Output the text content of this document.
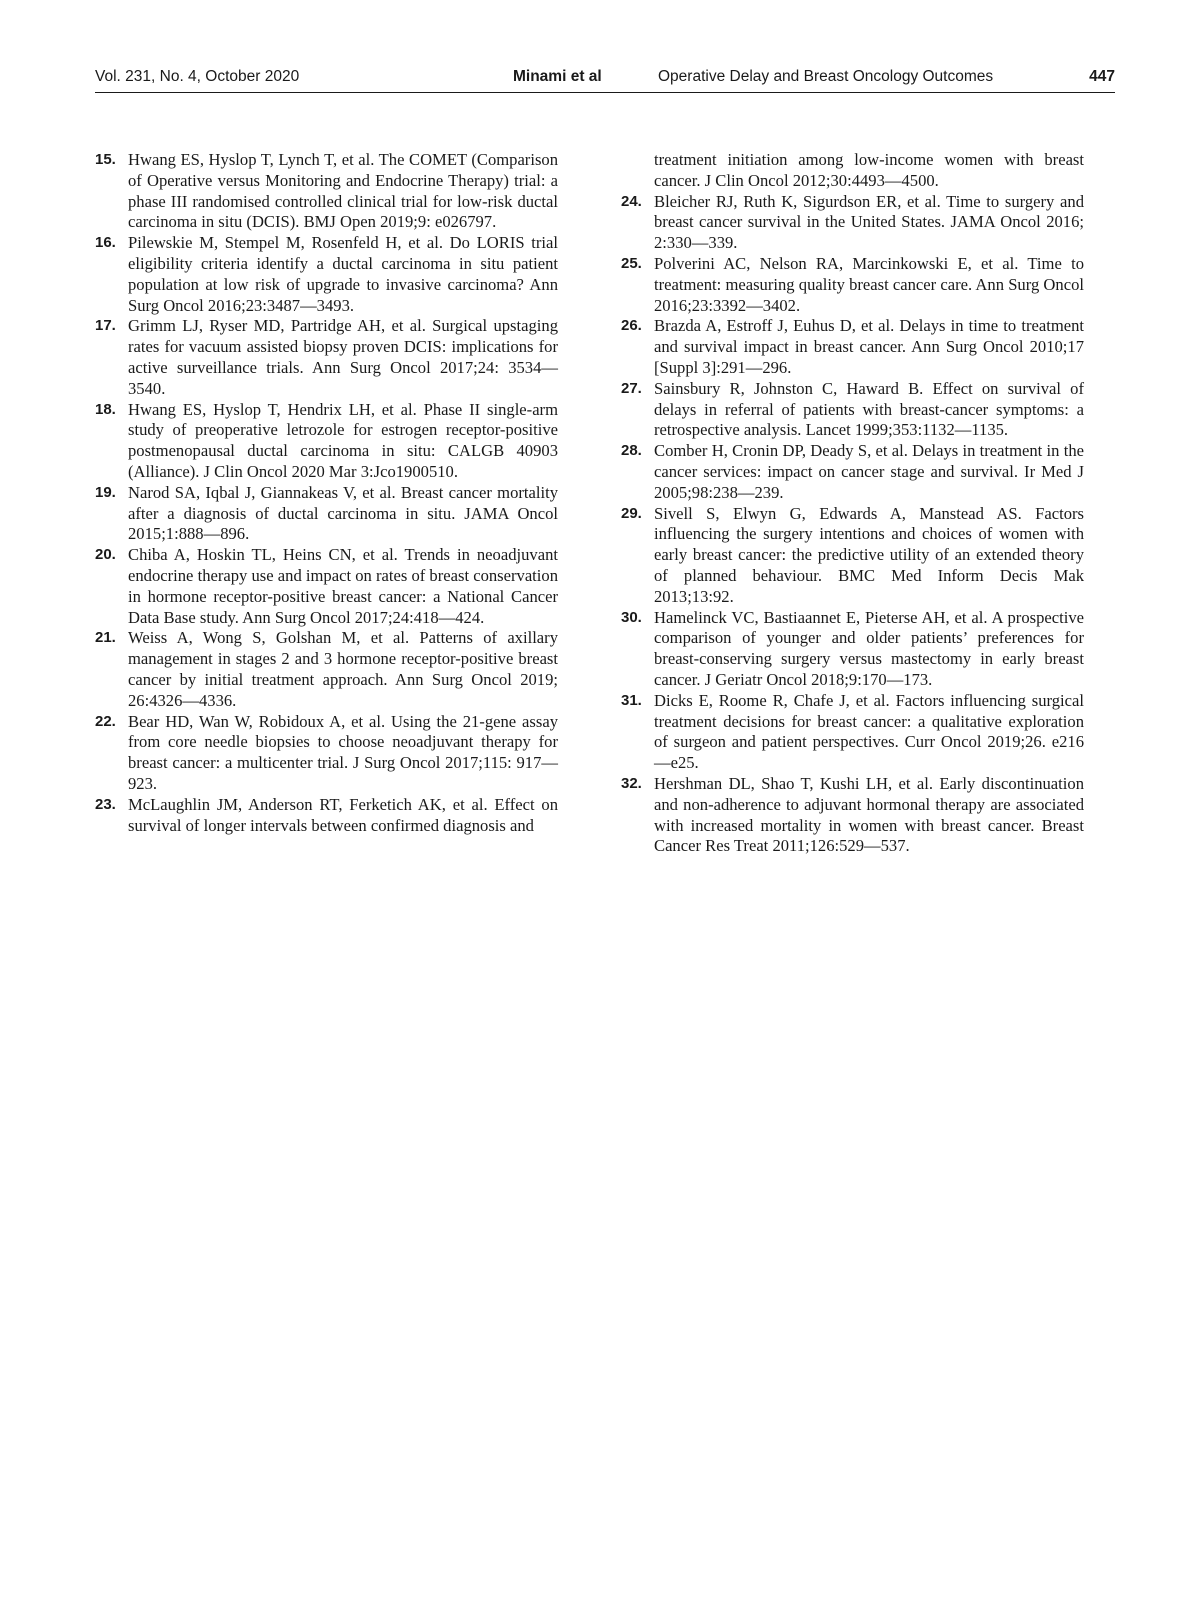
Vol. 231, No. 4, October 2020	Minami et al	Operative Delay and Breast Oncology Outcomes	447
15. Hwang ES, Hyslop T, Lynch T, et al. The COMET (Comparison of Operative versus Monitoring and Endocrine Therapy) trial: a phase III randomised controlled clinical trial for low-risk ductal carcinoma in situ (DCIS). BMJ Open 2019;9: e026797.
16. Pilewskie M, Stempel M, Rosenfeld H, et al. Do LORIS trial eligibility criteria identify a ductal carcinoma in situ patient population at low risk of upgrade to invasive carcinoma? Ann Surg Oncol 2016;23:3487—3493.
17. Grimm LJ, Ryser MD, Partridge AH, et al. Surgical upstaging rates for vacuum assisted biopsy proven DCIS: implications for active surveillance trials. Ann Surg Oncol 2017;24: 3534—3540.
18. Hwang ES, Hyslop T, Hendrix LH, et al. Phase II single-arm study of preoperative letrozole for estrogen receptor-positive postmenopausal ductal carcinoma in situ: CALGB 40903 (Alliance). J Clin Oncol 2020 Mar 3:Jco1900510.
19. Narod SA, Iqbal J, Giannakeas V, et al. Breast cancer mortality after a diagnosis of ductal carcinoma in situ. JAMA Oncol 2015;1:888—896.
20. Chiba A, Hoskin TL, Heins CN, et al. Trends in neoadjuvant endocrine therapy use and impact on rates of breast conservation in hormone receptor-positive breast cancer: a National Cancer Data Base study. Ann Surg Oncol 2017;24:418—424.
21. Weiss A, Wong S, Golshan M, et al. Patterns of axillary management in stages 2 and 3 hormone receptor-positive breast cancer by initial treatment approach. Ann Surg Oncol 2019; 26:4326—4336.
22. Bear HD, Wan W, Robidoux A, et al. Using the 21-gene assay from core needle biopsies to choose neoadjuvant therapy for breast cancer: a multicenter trial. J Surg Oncol 2017;115: 917—923.
23. McLaughlin JM, Anderson RT, Ferketich AK, et al. Effect on survival of longer intervals between confirmed diagnosis and
treatment initiation among low-income women with breast cancer. J Clin Oncol 2012;30:4493—4500.
24. Bleicher RJ, Ruth K, Sigurdson ER, et al. Time to surgery and breast cancer survival in the United States. JAMA Oncol 2016; 2:330—339.
25. Polverini AC, Nelson RA, Marcinkowski E, et al. Time to treatment: measuring quality breast cancer care. Ann Surg Oncol 2016;23:3392—3402.
26. Brazda A, Estroff J, Euhus D, et al. Delays in time to treatment and survival impact in breast cancer. Ann Surg Oncol 2010;17 [Suppl 3]:291—296.
27. Sainsbury R, Johnston C, Haward B. Effect on survival of delays in referral of patients with breast-cancer symptoms: a retrospective analysis. Lancet 1999;353:1132—1135.
28. Comber H, Cronin DP, Deady S, et al. Delays in treatment in the cancer services: impact on cancer stage and survival. Ir Med J 2005;98:238—239.
29. Sivell S, Elwyn G, Edwards A, Manstead AS. Factors influencing the surgery intentions and choices of women with early breast cancer: the predictive utility of an extended theory of planned behaviour. BMC Med Inform Decis Mak 2013;13:92.
30. Hamelinck VC, Bastiaannet E, Pieterse AH, et al. A prospective comparison of younger and older patients’ preferences for breast-conserving surgery versus mastectomy in early breast cancer. J Geriatr Oncol 2018;9:170—173.
31. Dicks E, Roome R, Chafe J, et al. Factors influencing surgical treatment decisions for breast cancer: a qualitative exploration of surgeon and patient perspectives. Curr Oncol 2019;26. e216—e25.
32. Hershman DL, Shao T, Kushi LH, et al. Early discontinuation and non-adherence to adjuvant hormonal therapy are associated with increased mortality in women with breast cancer. Breast Cancer Res Treat 2011;126:529—537.
